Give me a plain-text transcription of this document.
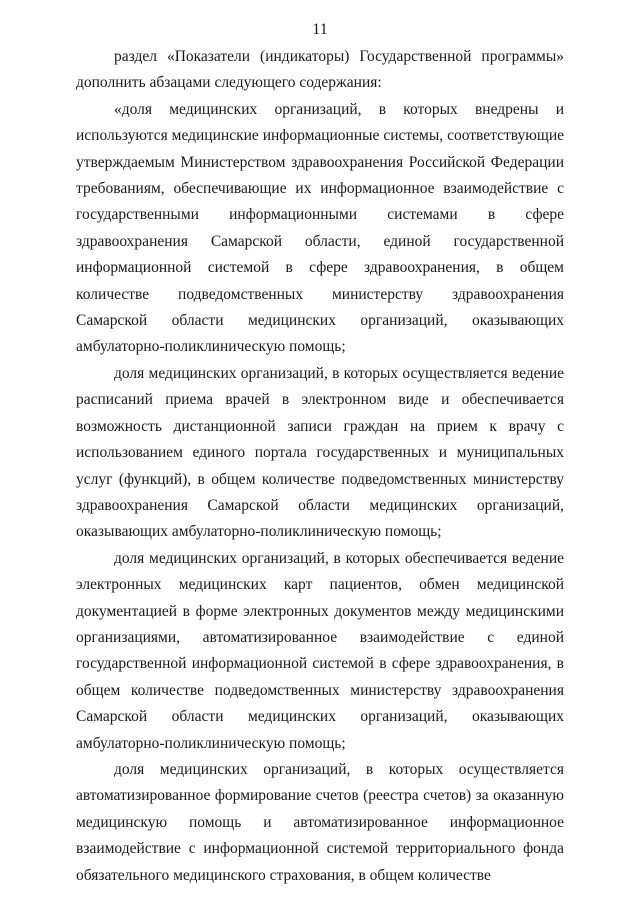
11

раздел «Показатели (индикаторы) Государственной программы» дополнить абзацами следующего содержания:

«доля медицинских организаций, в которых внедрены и используются медицинские информационные системы, соответствующие утверждаемым Министерством здравоохранения Российской Федерации требованиям, обеспечивающие их информационное взаимодействие с государственными информационными системами в сфере здравоохранения Самарской области, единой государственной информационной системой в сфере здравоохранения, в общем количестве подведомственных министерству здравоохранения Самарской области медицинских организаций, оказывающих амбулаторно-поликлиническую помощь;

доля медицинских организаций, в которых осуществляется ведение расписаний приема врачей в электронном виде и обеспечивается возможность дистанционной записи граждан на прием к врачу с использованием единого портала государственных и муниципальных услуг (функций), в общем количестве подведомственных министерству здравоохранения Самарской области медицинских организаций, оказывающих амбулаторно-поликлиническую помощь;

доля медицинских организаций, в которых обеспечивается ведение электронных медицинских карт пациентов, обмен медицинской документацией в форме электронных документов между медицинскими организациями, автоматизированное взаимодействие с единой государственной информационной системой в сфере здравоохранения, в общем количестве подведомственных министерству здравоохранения Самарской области медицинских организаций, оказывающих амбулаторно-поликлиническую помощь;

доля медицинских организаций, в которых осуществляется автоматизированное формирование счетов (реестра счетов) за оказанную медицинскую помощь и автоматизированное информационное взаимодействие с информационной системой территориального фонда обязательного медицинского страхования, в общем количестве
